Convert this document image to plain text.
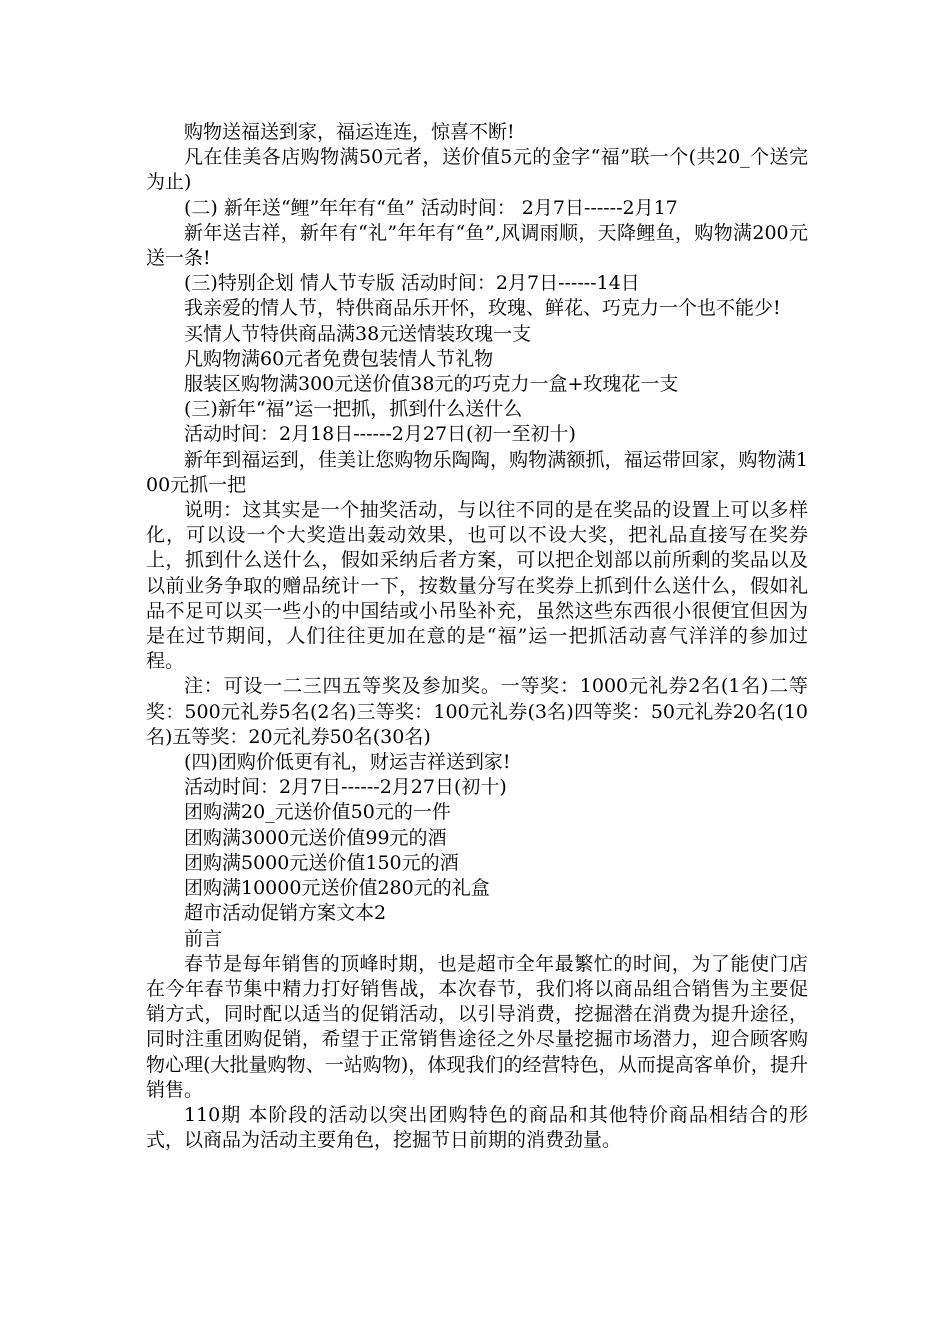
购物送福送到家，福运连连，惊喜不断!

凡在佳美各店购物满50元者，送价值5元的金字“福”联一个(共20_个送完为止)

(二) 新年送“鲤”年年有“鱼” 活动时间： 2月7日------2月17

新年送吉祥，新年有“礼”年年有“鱼”,风调雨顺，天降鲤鱼，购物满200元送一条!

(三)特别企划 情人节专版 活动时间：2月7日------14日

我亲爱的情人节，特供商品乐开怀，玫瑰、鲜花、巧克力一个也不能少!

买情人节特供商品满38元送情装玫瑰一支

凡购物满60元者免费包装情人节礼物

服装区购物满300元送价值38元的巧克力一盒+玫瑰花一支

(三)新年“福”运一把抓，抓到什么送什么

活动时间：2月18日------2月27日(初一至初十)

新年到福运到，佳美让您购物乐陶陶，购物满额抓，福运带回家，购物满100元抓一把

说明：这其实是一个抽奖活动，与以往不同的是在奖品的设置上可以多样化，可以设一个大奖造出轰动效果，也可以不设大奖，把礼品直接写在奖券上，抓到什么送什么，假如采纳后者方案，可以把企划部以前所剩的奖品以及以前业务争取的赠品统计一下，按数量分写在奖券上抓到什么送什么，假如礼品不足可以买一些小的中国结或小吊坠补充，虽然这些东西很小很便宜但因为是在过节期间，人们往往更加在意的是“福”运一把抓活动喜气洋洋的参加过程。

注：可设一二三四五等奖及参加奖。一等奖：1000元礼券2名(1名)二等奖：500元礼券5名(2名)三等奖：100元礼券(3名)四等奖：50元礼券20名(10名)五等奖：20元礼券50名(30名)

(四)团购价低更有礼，财运吉祥送到家!

活动时间：2月7日------2月27日(初十)

团购满20_元送价值50元的一件

团购满3000元送价值99元的酒

团购满5000元送价值150元的酒

团购满10000元送价值280元的礼盒

超市活动促销方案文本2

前言

春节是每年销售的顶峰时期，也是超市全年最繁忙的时间，为了能使门店在今年春节集中精力打好销售战，本次春节，我们将以商品组合销售为主要促销方式，同时配以适当的促销活动，以引导消费，挖掘潜在消费为提升途径，同时注重团购促销，希望于正常销售途径之外尽量挖掘市场潜力，迎合顾客购物心理(大批量购物、一站购物)，体现我们的经营特色，从而提高客单价，提升销售。

110期 本阶段的活动以突出团购特色的商品和其他特价商品相结合的形式，以商品为活动主要角色，挖掘节日前期的消费劲量。
